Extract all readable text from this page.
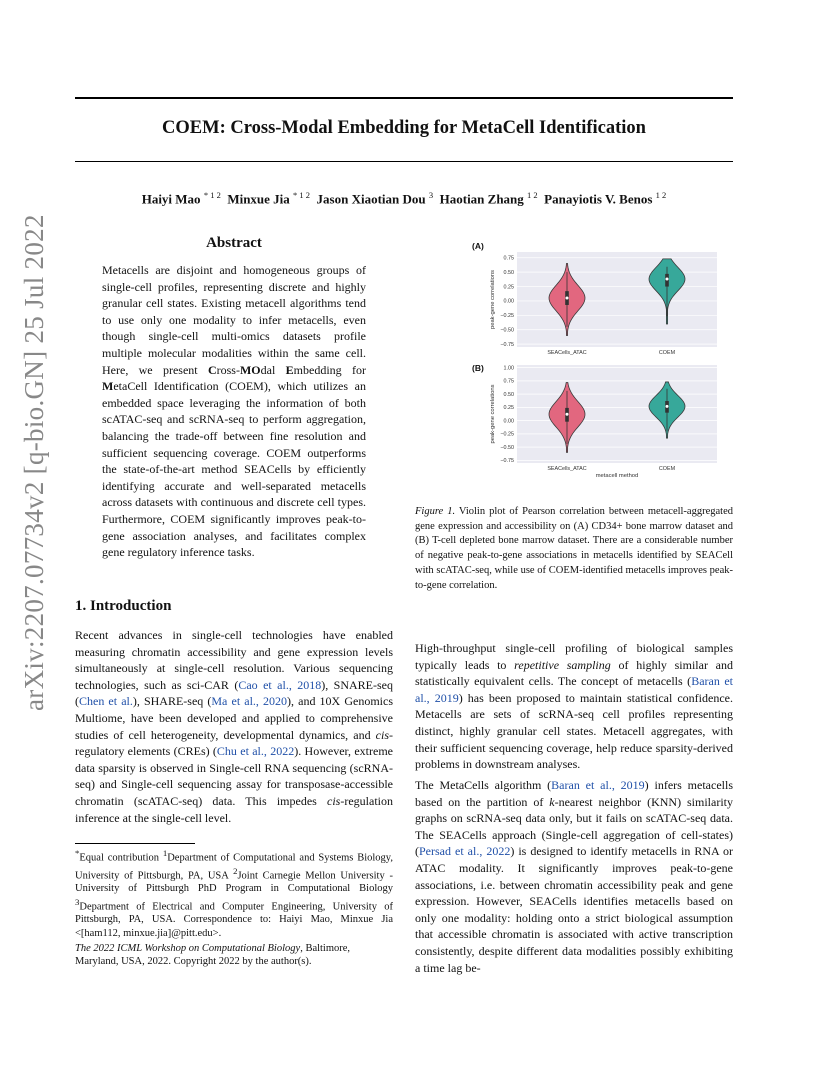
COEM: Cross-Modal Embedding for MetaCell Identification
Haiyi Mao $^{* 1 2}$ Minxue Jia $^{* 1 2}$ Jason Xiaotian Dou $^3$ Haotian Zhang $^{1 2}$ Panayiotis V. Benos $^{1 2}$
arXiv:2207.07734v2 [q-bio.GN] 25 Jul 2022	Abstract
Metacells are disjoint and homogeneous groups of single-cell profiles, representing discrete and highly granular cell states. Existing metacell algorithms tend to use only one modality to infer metacells, even though single-cell multi-omics datasets profile multiple molecular modalities within the same cell. Here, we present Cross-MOdal Embedding for MetaCell Identification (COEM), which utilizes an embedded space leveraging the information of both scATAC-seq and scRNA-seq to perform aggregation, balancing the trade-off between fine resolution and sufficient sequencing coverage. COEM outperforms the state-of-the-art method SEACells by efficiently identifying accurate and well-separated metacells across datasets with continuous and discrete cell types. Furthermore, COEM significantly improves peak-to-gene association analyses, and facilitates complex gene regulatory inference tasks.
1. Introduction
Recent advances in single-cell technologies have enabled measuring chromatin accessibility and gene expression levels simultaneously at single-cell resolution. Various sequencing technologies, such as sci-CAR (Cao et al., 2018), SNARE-seq (Chen et al.), SHARE-seq (Ma et al., 2020), and 10X Genomics Multiome, have been developed and applied to comprehensive studies of cell heterogeneity, developmental dynamics, and cis-regulatory elements (CREs) (Chu et al., 2022). However, extreme data sparsity is observed in Single-cell RNA sequencing (scRNA-seq) and Single-cell sequencing assay for transposase-accessible chromatin (scATAC-seq) data. This impedes cis-regulation inference at the single-cell level.
*Equal contribution $^1$Department of Computational and Systems Biology, University of Pittsburgh, PA, USA $^2$Joint Carnegie Mellon University - University of Pittsburgh PhD Program in Computational Biology $^3$Department of Electrical and Computer Engineering, University of Pittsburgh, PA, USA. Correspondence to: Haiyi Mao, Minxue Jia <[ham112, minxue.jia]@pitt.edu>.
The 2022 ICML Workshop on Computational Biology, Baltimore, Maryland, USA, 2022. Copyright 2022 by the author(s).
(A)
0.75
0.50
0.25
0.00
−0.25
−0.50
−0.75
peak-gene correlations
SEACells_ATAC	COEM
(B)	1.00
0.75
0.50
0.25
0.00
−0.25
−0.50
−0.75
peak-gene correlations
SEACells_ATAC	COEM
metacell method
Figure 1. Violin plot of Pearson correlation between metacell-aggregated gene expression and accessibility on (A) CD34+ bone marrow dataset and (B) T-cell depleted bone marrow dataset. There are a considerable number of negative peak-to-gene associations in metacells identified by SEACell with scATAC-seq, while use of COEM-identified metacells improves peak-to-gene correlation.
High-throughput single-cell profiling of biological samples typically leads to repetitive sampling of highly similar and statistically equivalent cells. The concept of metacells (Baran et al., 2019) has been proposed to maintain statistical confidence. Metacells are sets of scRNA-seq cell profiles representing distinct, highly granular cell states. Metacell aggregates, with their sufficient sequencing coverage, help reduce sparsity-derived problems in downstream analyses.
The MetaCells algorithm (Baran et al., 2019) infers metacells based on the partition of k-nearest neighbor (KNN) similarity graphs on scRNA-seq data only, but it fails on scATAC-seq data. The SEACells approach (Single-cell aggregation of cell-states) (Persad et al., 2022) is designed to identify metacells in RNA or ATAC modality. It significantly improves peak-to-gene associations, i.e. between chromatin accessibility peak and gene expression. However, SEACells identifies metacells based on only one modality: holding onto a strict biological assumption that accessible chromatin is associated with active transcription consistently, despite different data modalities possibly exhibiting a time lag be-
